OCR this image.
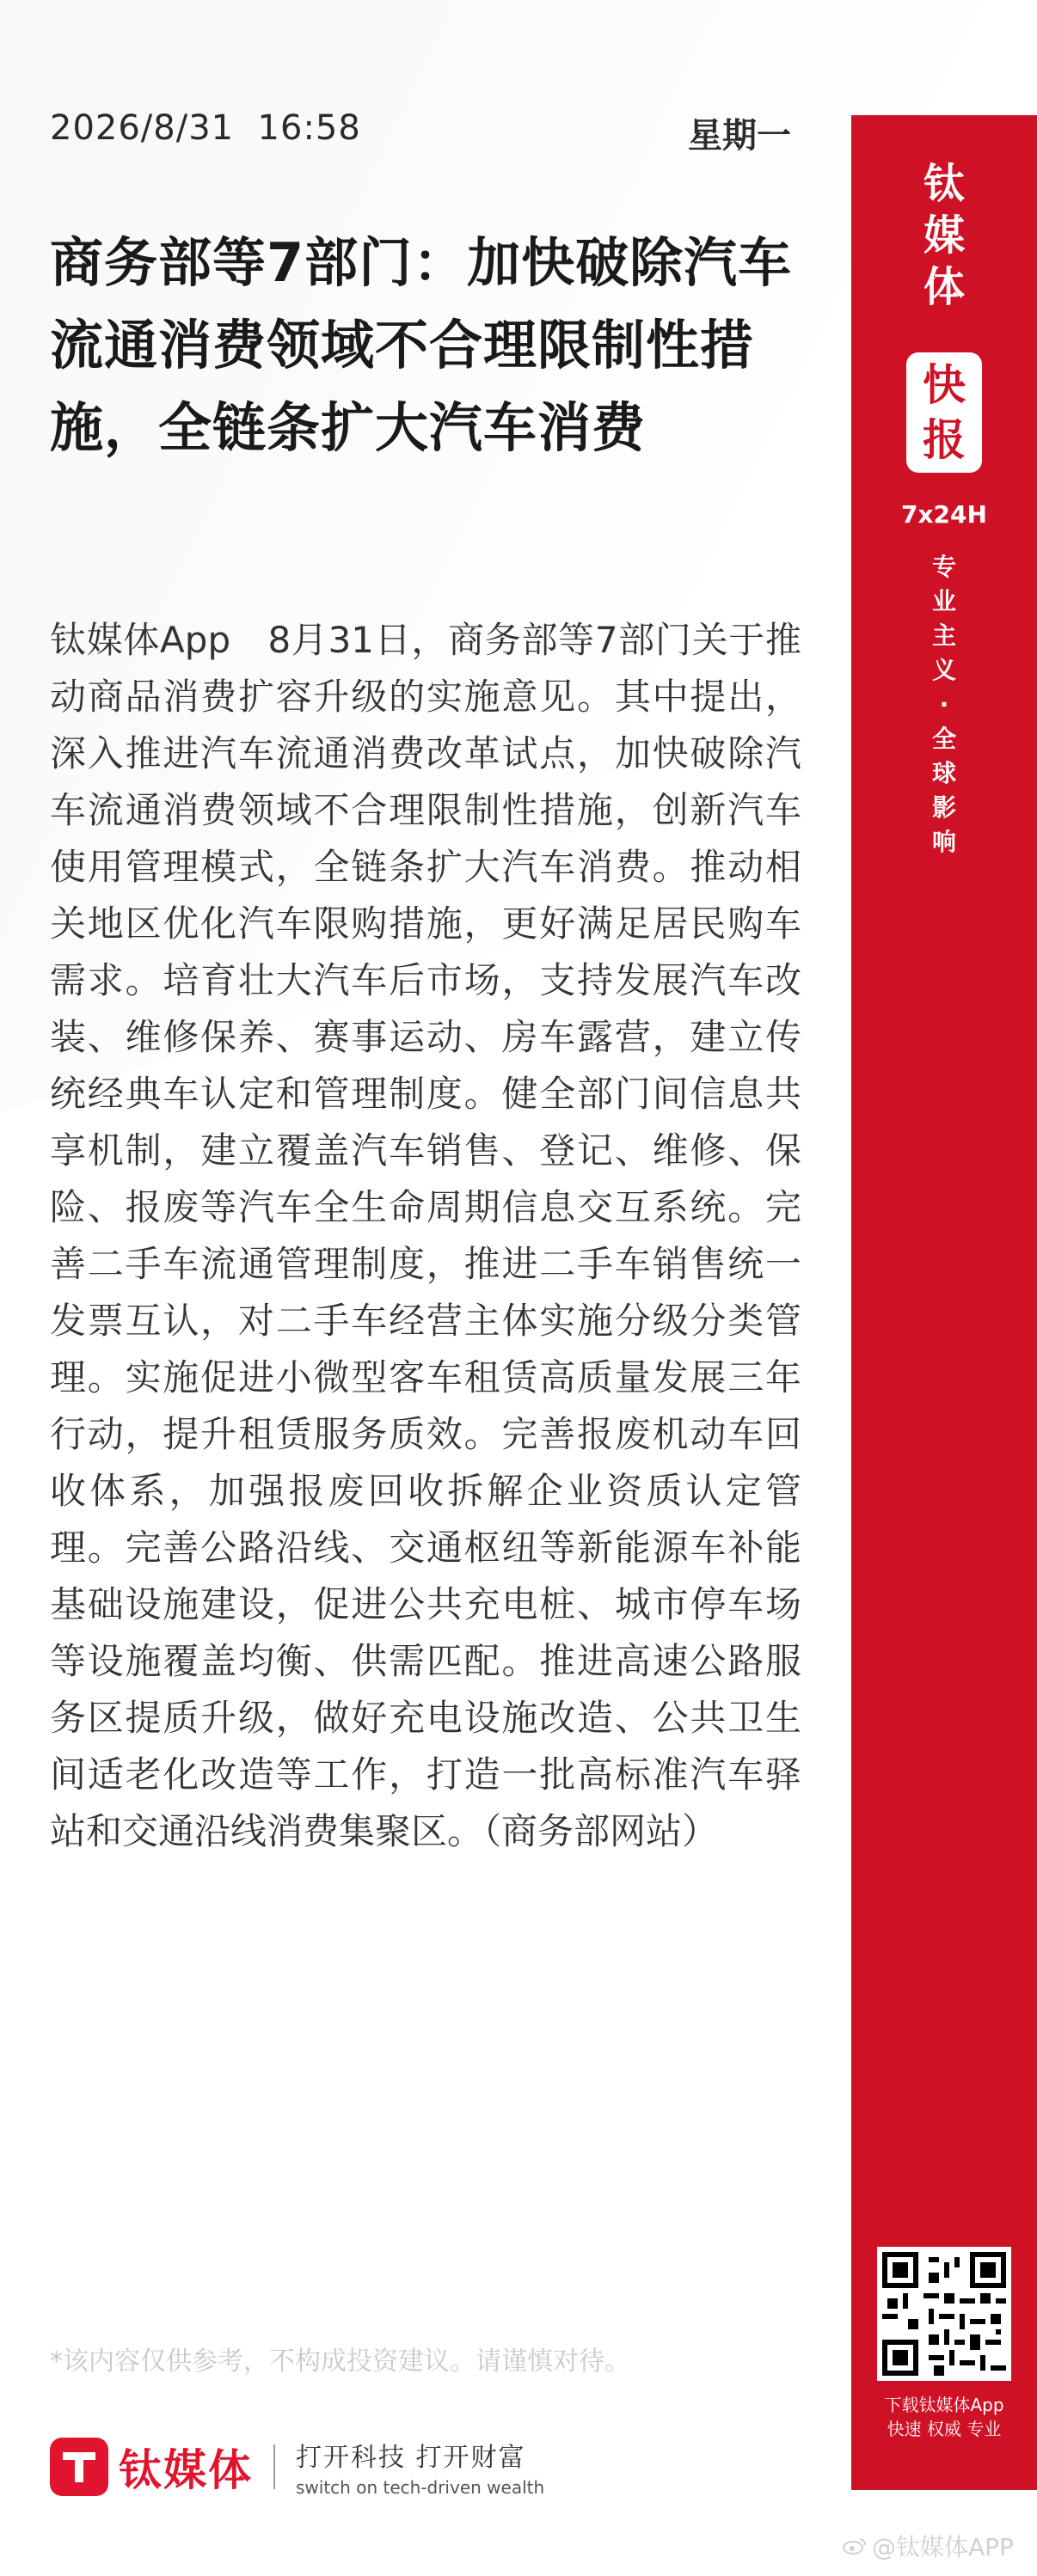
2026/8/31 16:58	星期一
商务部等7部门：加快破除汽车流通消费领域不合理限制性措施，全链条扩大汽车消费

钛媒体App　8月31日，商务部等7部门关于推动商品消费扩容升级的实施意见。其中提出，深入推进汽车流通消费改革试点，加快破除汽车流通消费领域不合理限制性措施，创新汽车使用管理模式，全链条扩大汽车消费。推动相关地区优化汽车限购措施，更好满足居民购车需求。培育壮大汽车后市场，支持发展汽车改装、维修保养、赛事运动、房车露营，建立传统经典车认定和管理制度。健全部门间信息共享机制，建立覆盖汽车销售、登记、维修、保险、报废等汽车全生命周期信息交互系统。完善二手车流通管理制度，推进二手车销售统一发票互认，对二手车经营主体实施分级分类管理。实施促进小微型客车租赁高质量发展三年行动，提升租赁服务质效。完善报废机动车回收体系，加强报废回收拆解企业资质认定管理。完善公路沿线、交通枢纽等新能源车补能基础设施建设，促进公共充电桩、城市停车场等设施覆盖均衡、供需匹配。推进高速公路服务区提质升级，做好充电设施改造、公共卫生间适老化改造等工作，打造一批高标准汽车驿站和交通沿线消费集聚区。（商务部网站）

*该内容仅供参考，不构成投资建议。请谨慎对待。
钛媒体 打开科技 打开财富
switch on tech-driven wealth
钛
媒
体
快
报
7x24H
专
业
主
义
·
全
球
影
响
下载钛媒体App
快速 权威 专业
@钛媒体APP
